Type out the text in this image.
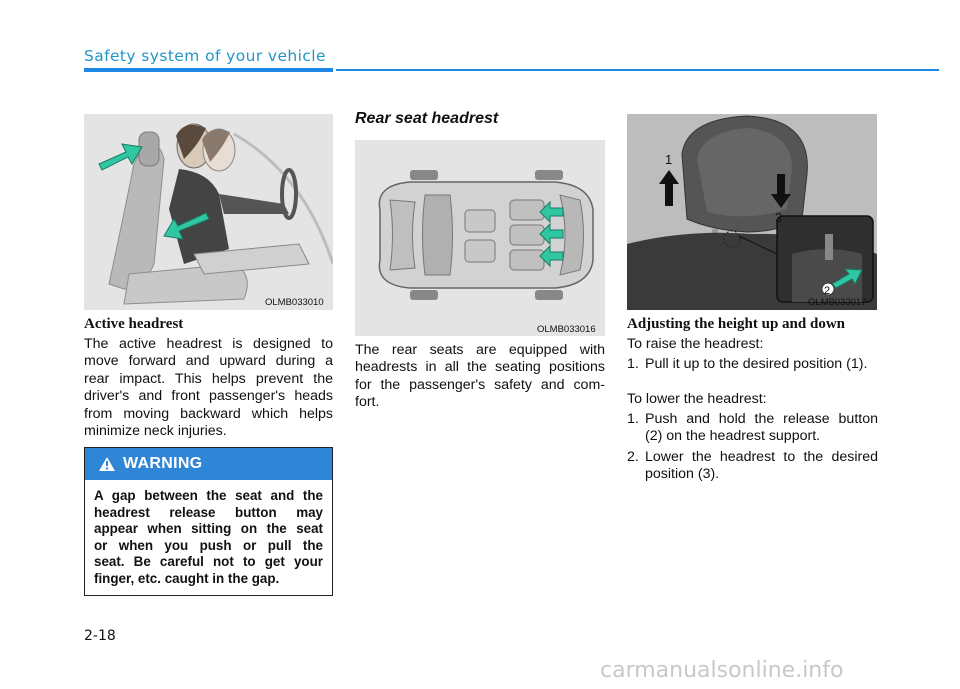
Safety system of your vehicle
OLMB033010
Active headrest
The active headrest is designed to
move forward and upward during a
rear impact. This helps prevent the
driver's and front passenger's heads
from moving backward which helps
minimize neck injuries.
WARNING
A gap between the seat and the
headrest release button may
appear when sitting on the seat
or when you push or pull the
seat. Be careful not to get your
finger, etc. caught in the gap.
Rear seat headrest
OLMB033016
The rear seats are equipped with
headrests in all the seating positions
for the passenger's safety and com-
fort.
1
2
3
OLMB033017
Adjusting the height up and down
To raise the headrest:
1. Pull it up to the desired position (1).
To lower the headrest:
1. Push and hold the release button
(2) on the headrest support.
2. Lower the headrest to the desired
position (3).
2-18
carmanualsonline.info
